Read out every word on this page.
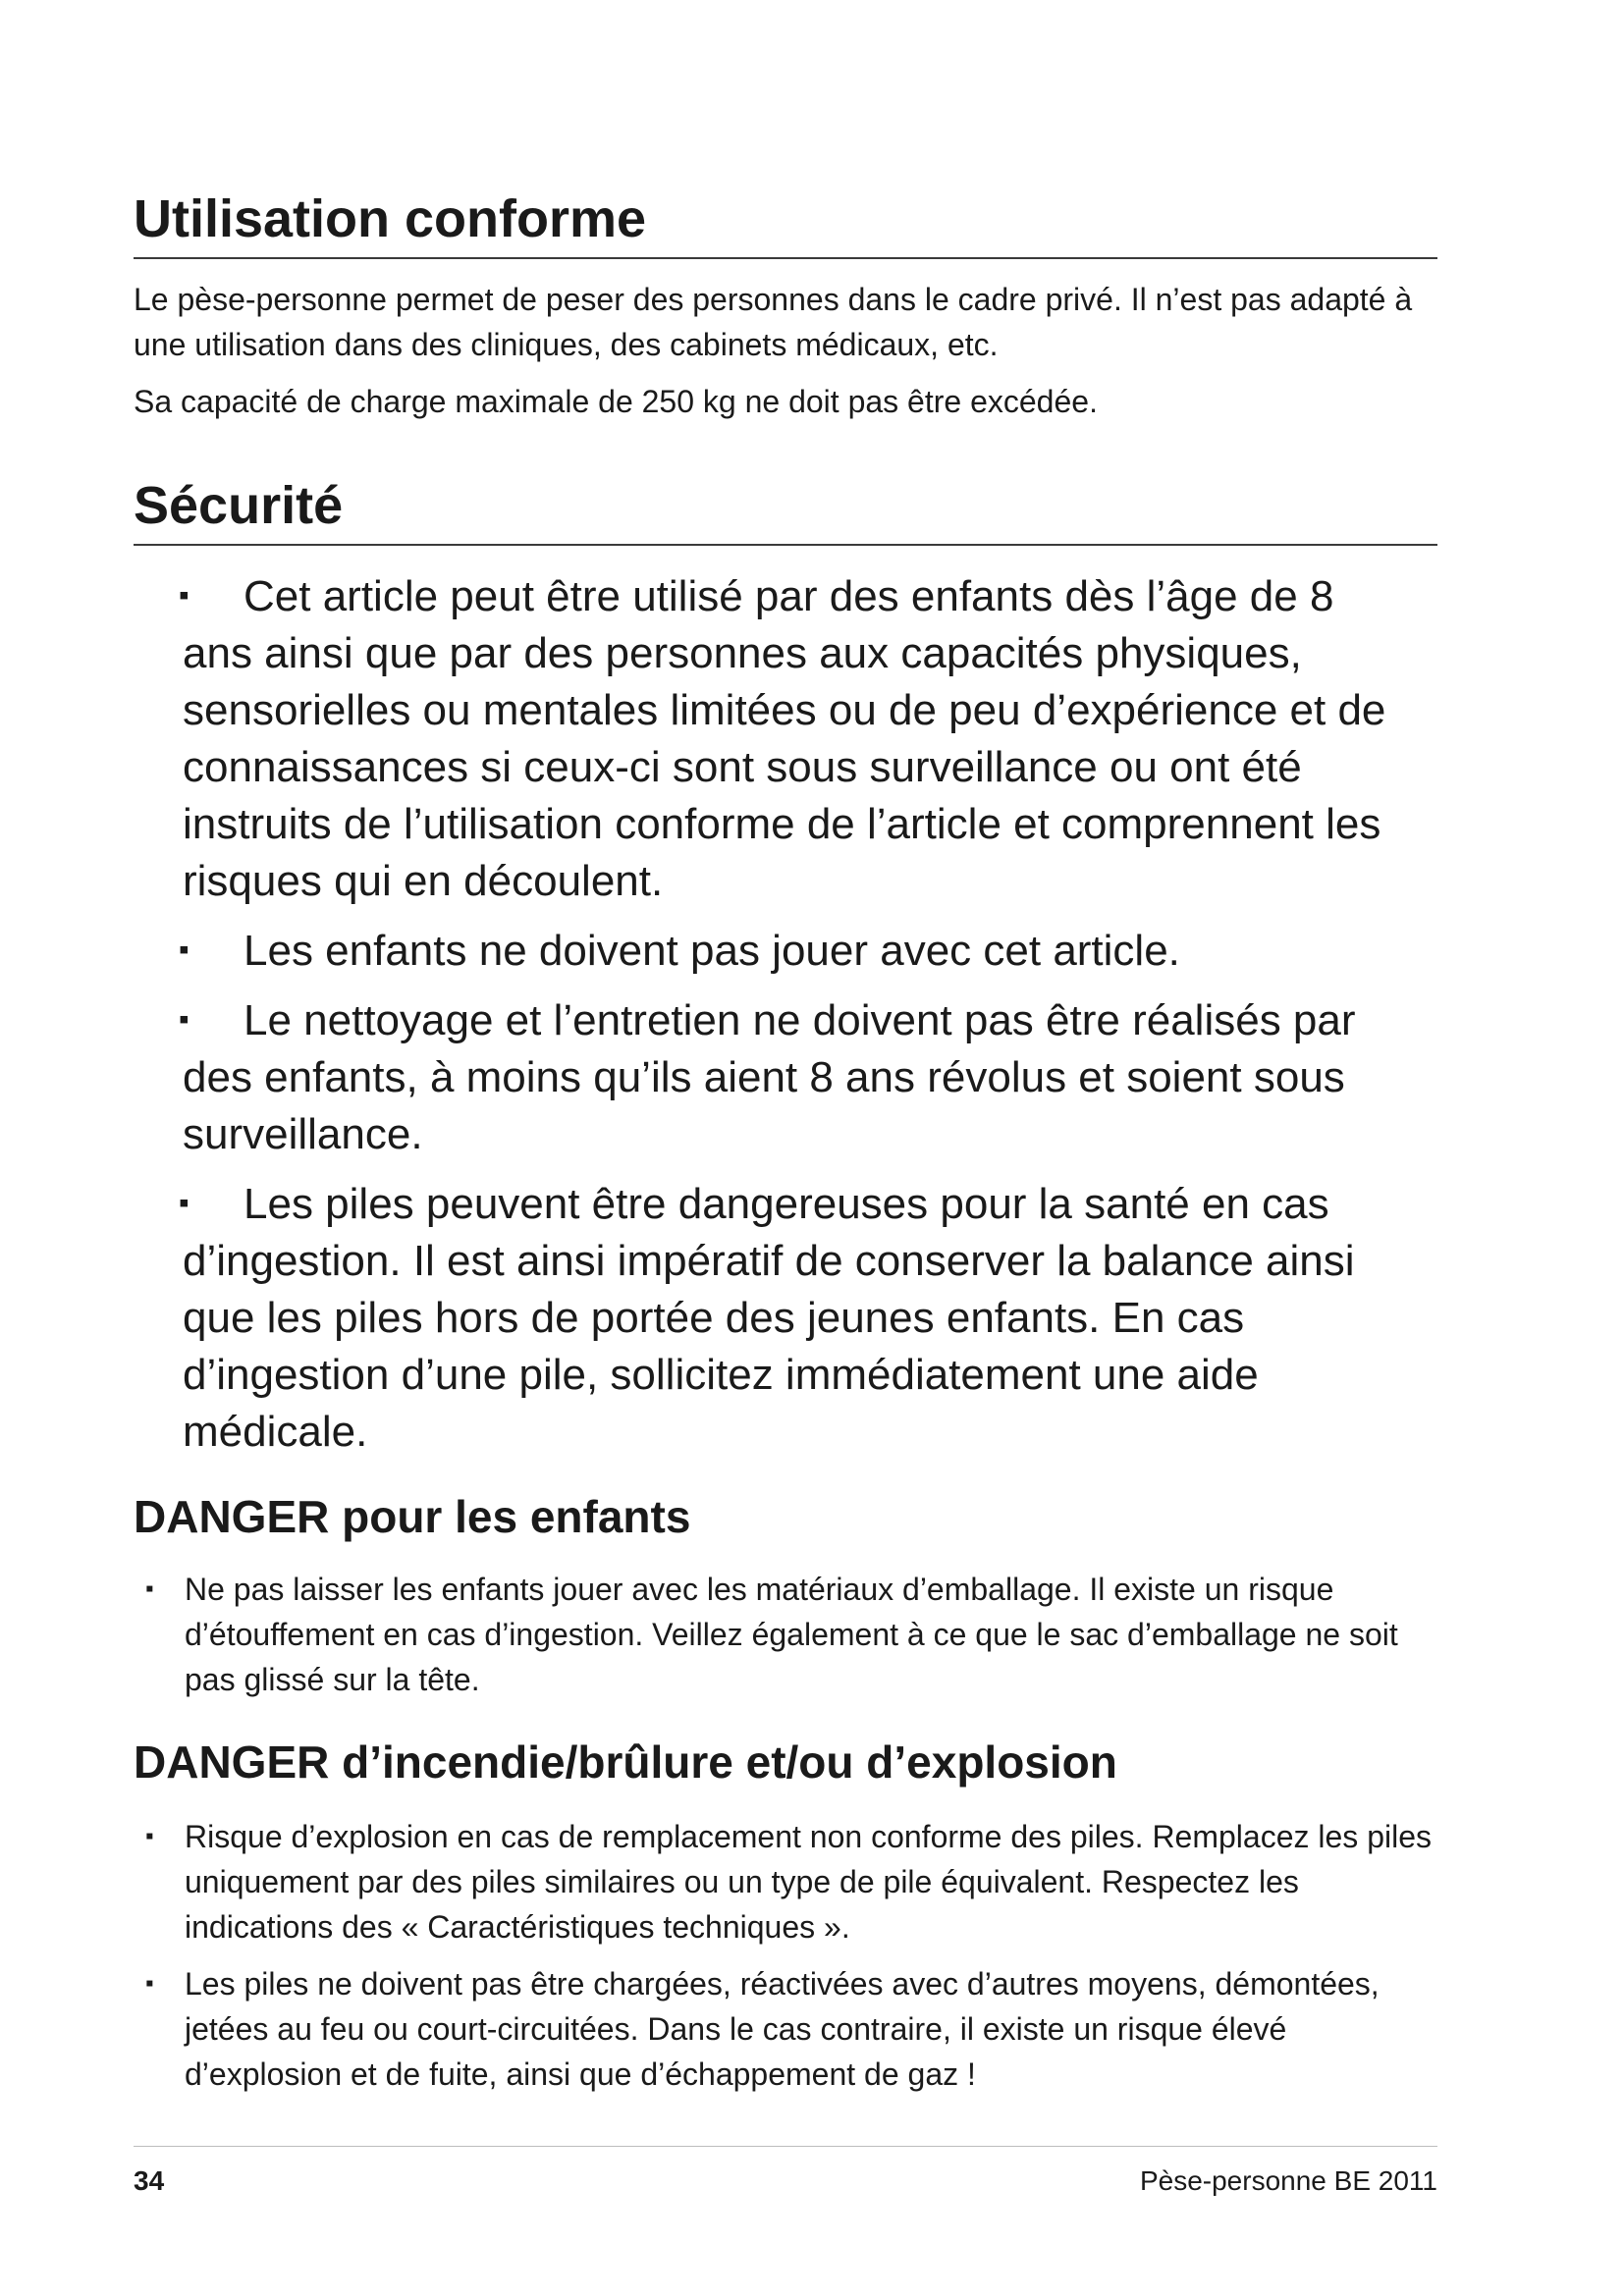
Utilisation conforme

Le pèse-personne permet de peser des personnes dans le cadre privé. Il n’est pas adapté à une utilisation dans des cliniques, des cabinets médicaux, etc.

Sa capacité de charge maximale de 250 kg ne doit pas être excédée.

Sécurité
▪ Cet article peut être utilisé par des enfants dès l’âge de 8 ans ainsi que par des personnes aux capacités physiques, sensorielles ou mentales limitées ou de peu d’expérience et de connaissances si ceux-ci sont sous surveillance ou ont été instruits de l’utilisation conforme de l’article et comprennent les risques qui en découlent.
▪ Les enfants ne doivent pas jouer avec cet article.
▪ Le nettoyage et l’entretien ne doivent pas être réalisés par des enfants, à moins qu’ils aient 8 ans révolus et soient sous surveillance.
▪ Les piles peuvent être dangereuses pour la santé en cas d’ingestion. Il est ainsi impératif de conserver la balance ainsi que les piles hors de portée des jeunes enfants. En cas d’ingestion d’une pile, sollicitez immédiatement une aide médicale.
DANGER pour les enfants
▪ Ne pas laisser les enfants jouer avec les matériaux d’emballage. Il existe un risque d’étouffement en cas d’ingestion. Veillez également à ce que le sac d’emballage ne soit pas glissé sur la tête.
DANGER d’incendie/brûlure et/ou d’explosion
▪ Risque d’explosion en cas de remplacement non conforme des piles. Remplacez les piles uniquement par des piles similaires ou un type de pile équivalent. Respectez les indications des « Caractéristiques techniques ».
▪ Les piles ne doivent pas être chargées, réactivées avec d’autres moyens, démontées, jetées au feu ou court-circuitées. Dans le cas contraire, il existe un risque élevé d’explosion et de fuite, ainsi que d’échappement de gaz !
34	Pèse-personne BE 2011
